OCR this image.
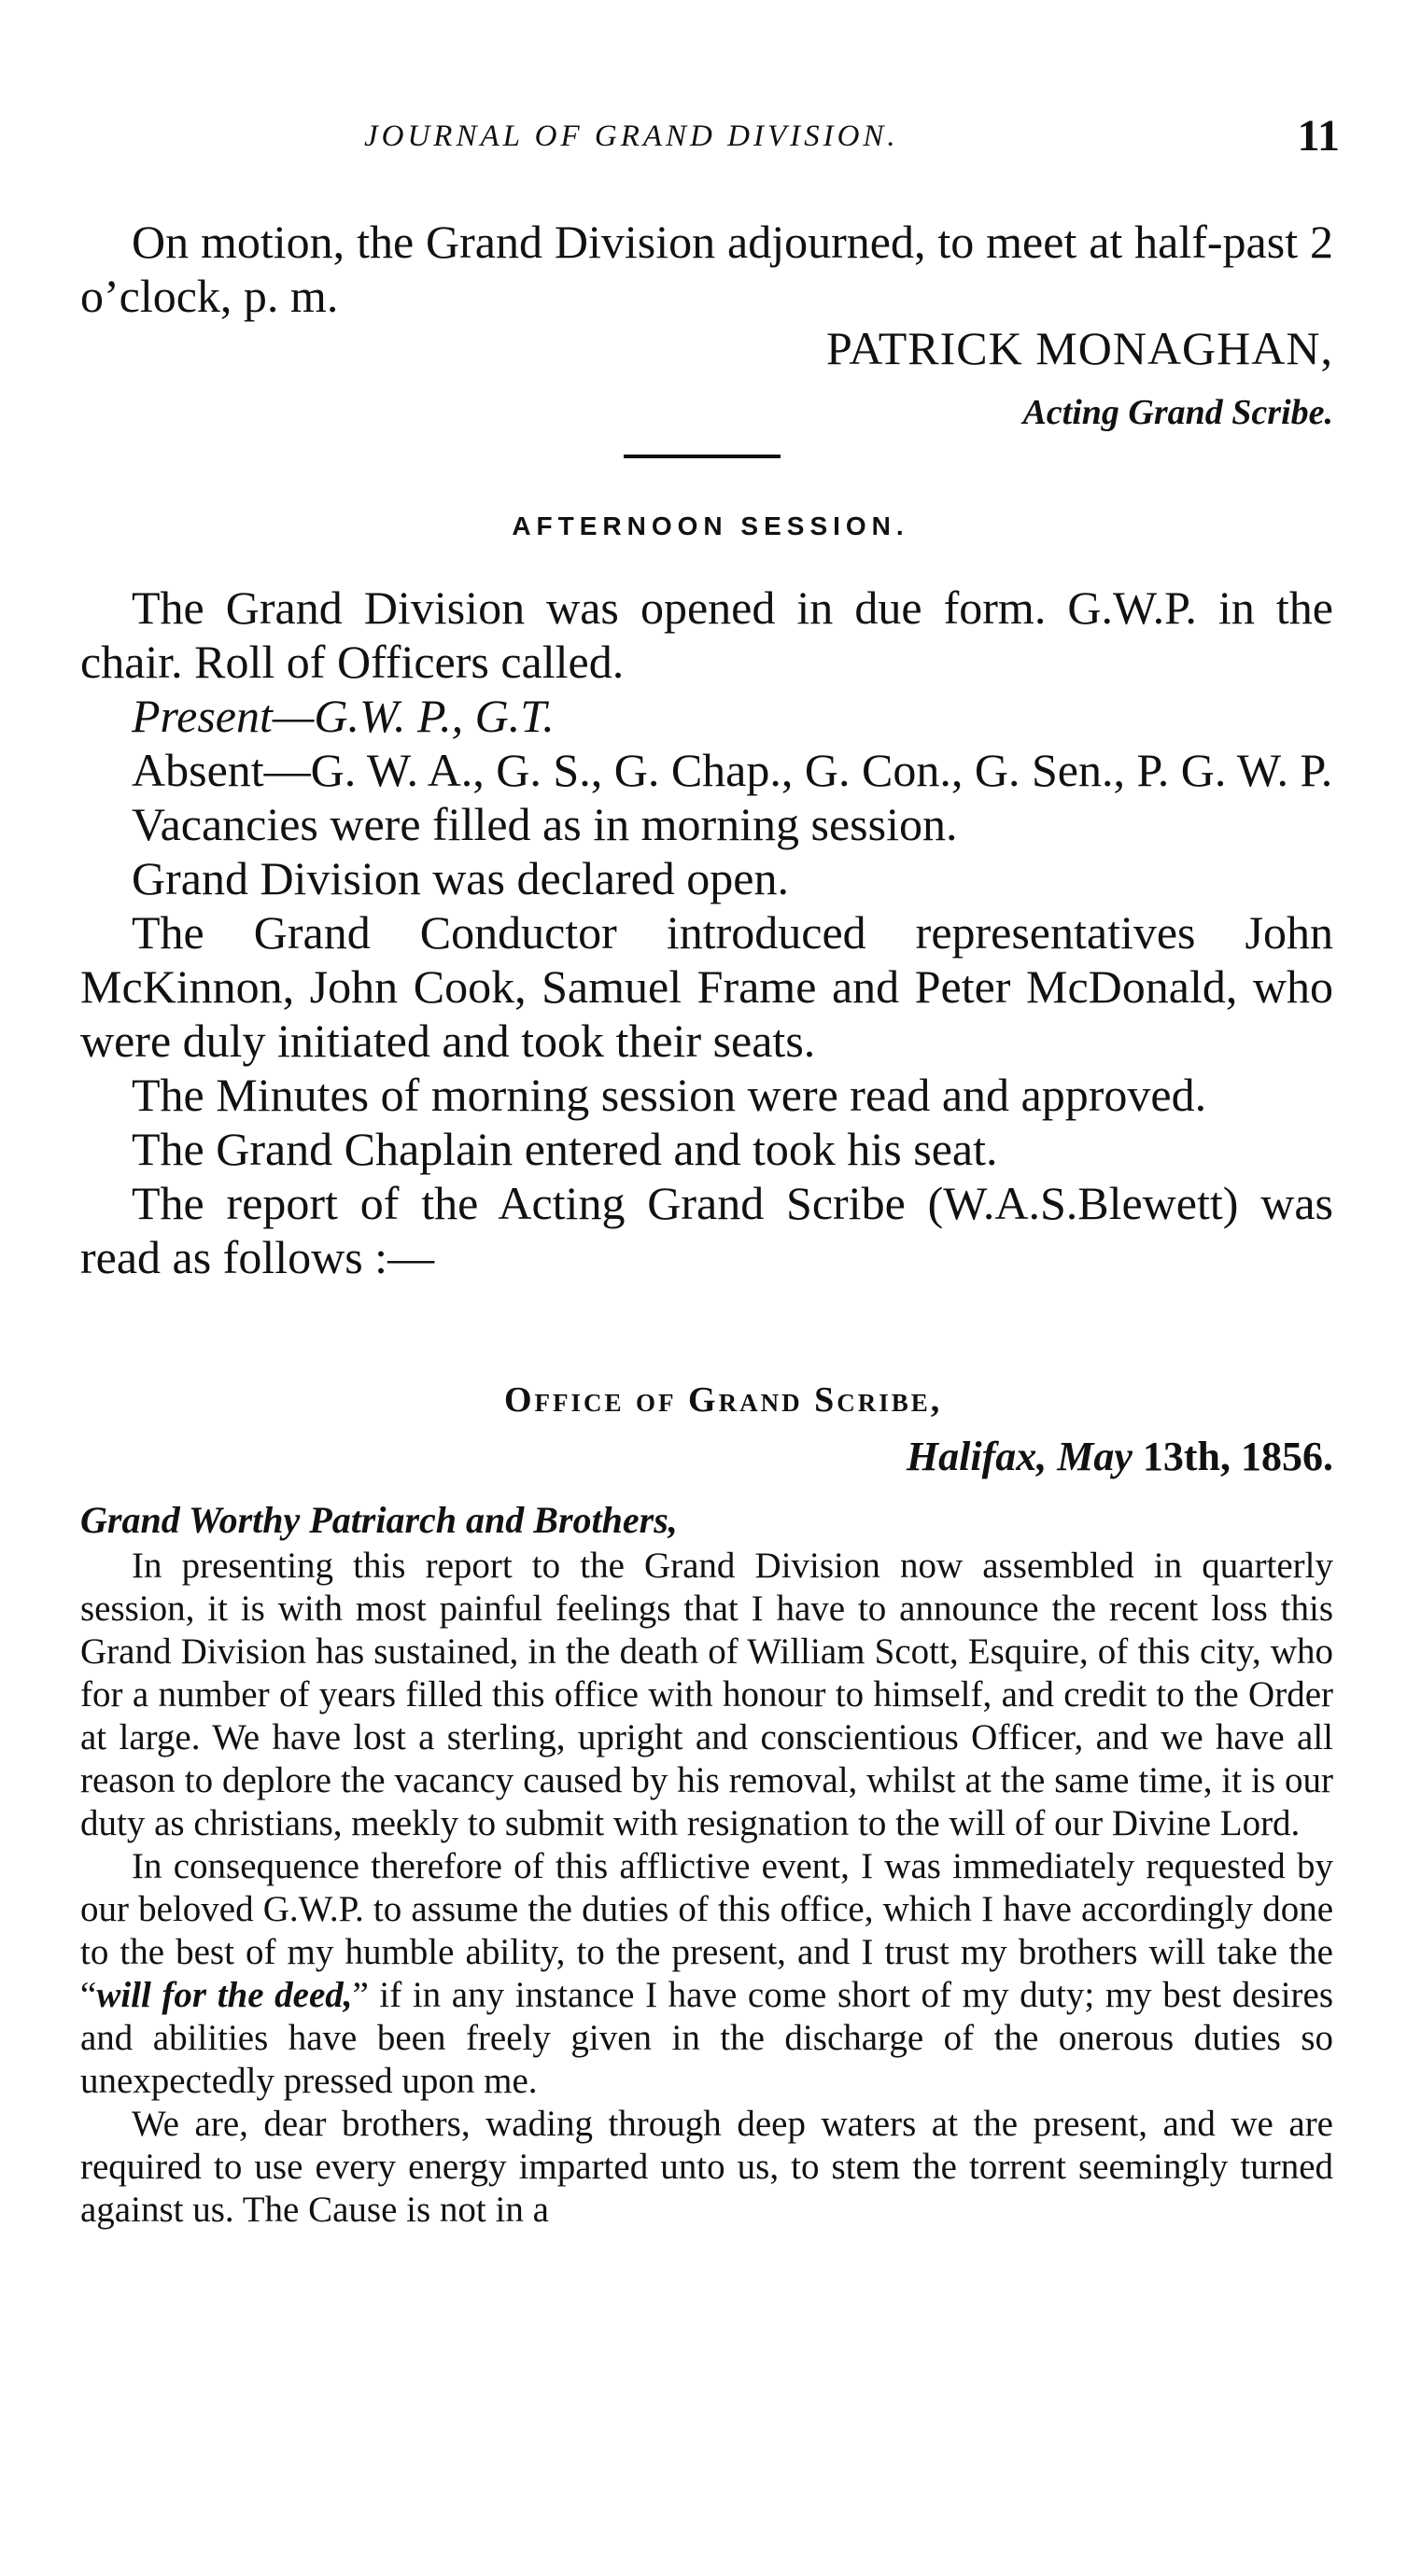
JOURNAL OF GRAND DIVISION.	11

On motion, the Grand Division adjourned, to meet at half-past 2 o’clock, p. m.

PATRICK MONAGHAN,
Acting Grand Scribe.
AFTERNOON SESSION.

The Grand Division was opened in due form. G.W.P. in the chair. Roll of Officers called.

Present—G.W. P., G.T.

Absent—G. W. A., G. S., G. Chap., G. Con., G. Sen., P. G. W. P.

Vacancies were filled as in morning session.

Grand Division was declared open.

The Grand Conductor introduced representatives John McKinnon, John Cook, Samuel Frame and Peter McDonald, who were duly initiated and took their seats.

The Minutes of morning session were read and approved.

The Grand Chaplain entered and took his seat.

The report of the Acting Grand Scribe (W.A.S.Blewett) was read as follows :—

Office of Grand Scribe,
Halifax, May 13th, 1856.
Grand Worthy Patriarch and Brothers,

In presenting this report to the Grand Division now assembled in quarterly session, it is with most painful feelings that I have to announce the recent loss this Grand Division has sustained, in the death of William Scott, Esquire, of this city, who for a number of years filled this office with honour to himself, and credit to the Order at large. We have lost a sterling, upright and conscientious Officer, and we have all reason to deplore the vacancy caused by his removal, whilst at the same time, it is our duty as christians, meekly to submit with resignation to the will of our Divine Lord.

In consequence therefore of this afflictive event, I was immediately requested by our beloved G.W.P. to assume the duties of this office, which I have accordingly done to the best of my humble ability, to the present, and I trust my brothers will take the “will for the deed,” if in any instance I have come short of my duty; my best desires and abilities have been freely given in the discharge of the onerous duties so unexpectedly pressed upon me.

We are, dear brothers, wading through deep waters at the present, and we are required to use every energy imparted unto us, to stem the torrent seemingly turned against us. The Cause is not in a
